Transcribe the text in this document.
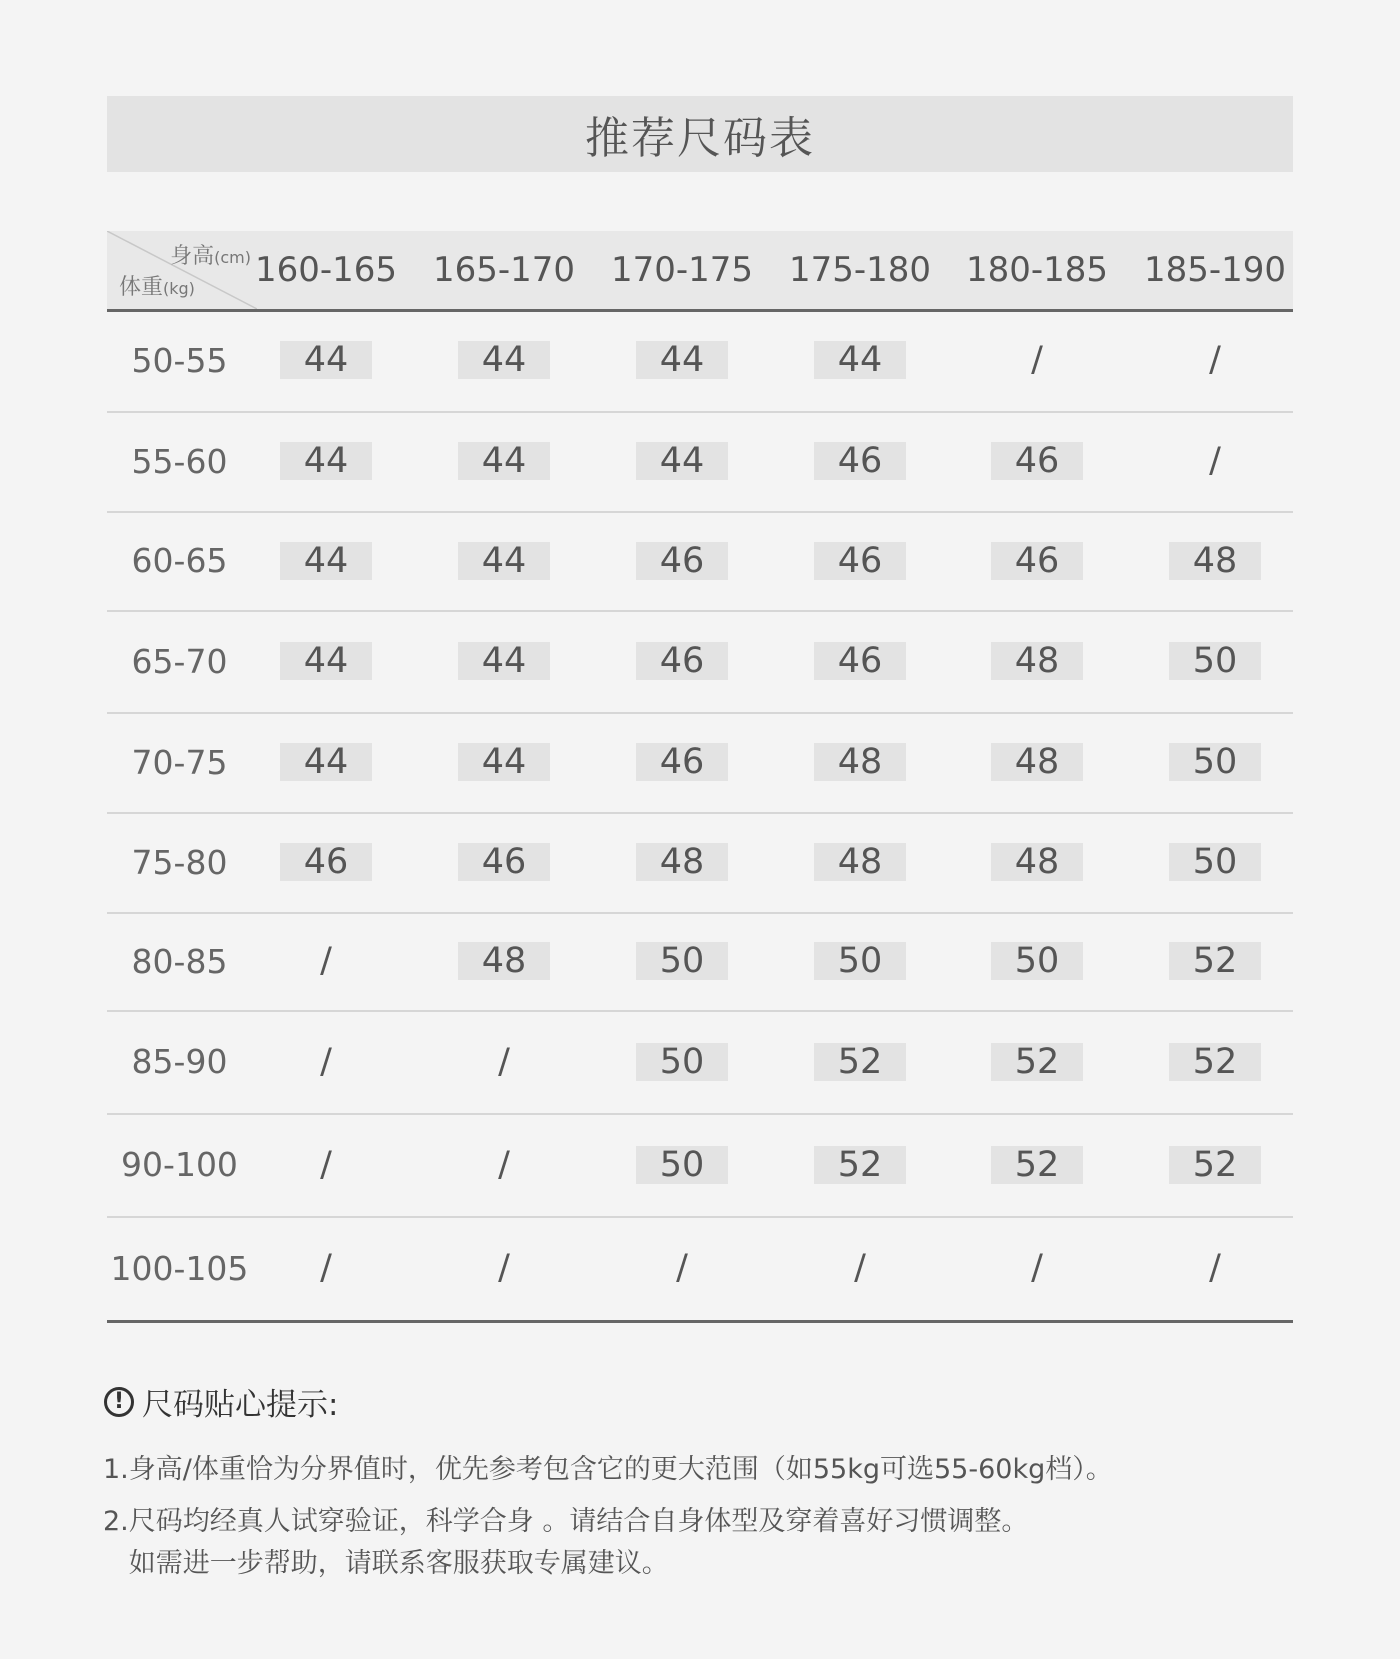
推荐尺码表
身高(cm)
体重(kg)	160-165	165-170	170-175	175-180	180-185	185-190
50-55	44	44	44	44	/	/
55-60	44	44	44	46	46	/
60-65	44	44	46	46	46	48
65-70	44	44	46	46	48	50
70-75	44	44	46	48	48	50
75-80	46	46	48	48	48	50
80-85	/	48	50	50	50	52
85-90	/	/	50	52	52	52
90-100	/	/	50	52	52	52
100-105	/	/	/	/	/	/
! 尺码贴心提示:
1.身高/体重恰为分界值时，优先参考包含它的更大范围（如55kg可选55-60kg档）。
2.尺码均经真人试穿验证，科学合身 。请结合自身体型及穿着喜好习惯调整。
如需进一步帮助，请联系客服获取专属建议。
